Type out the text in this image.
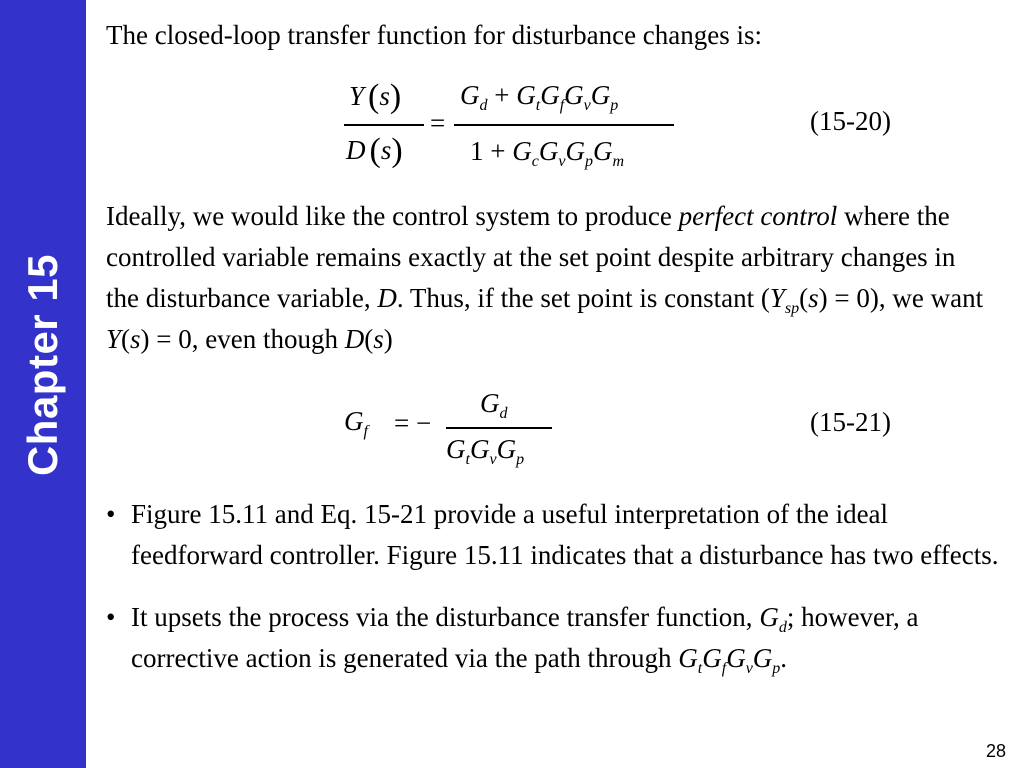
Chapter 15

The closed-loop transfer function for disturbance changes is:

Y (s)
D (s)
=
$G_d + G_tG_fG_vG_p$
$1 + G_cG_vG_pG_m$
(15-20)

Ideally, we would like the control system to produce perfect control where the controlled variable remains exactly at the set point despite arbitrary changes in the disturbance variable, D. Thus, if the set point is constant $(Y_{sp}(s) = 0)$, we want Y(s) = 0, even though D(s)

$G_f$ = −
$G_d$
$G_tG_vG_p$
(15-21)

• Figure 15.11 and Eq. 15-21 provide a useful interpretation of the ideal feedforward controller. Figure 15.11 indicates that a disturbance has two effects.

• It upsets the process via the disturbance transfer function, $G_d$; however, a corrective action is generated via the path through $G_tG_fG_vG_p$.

28
